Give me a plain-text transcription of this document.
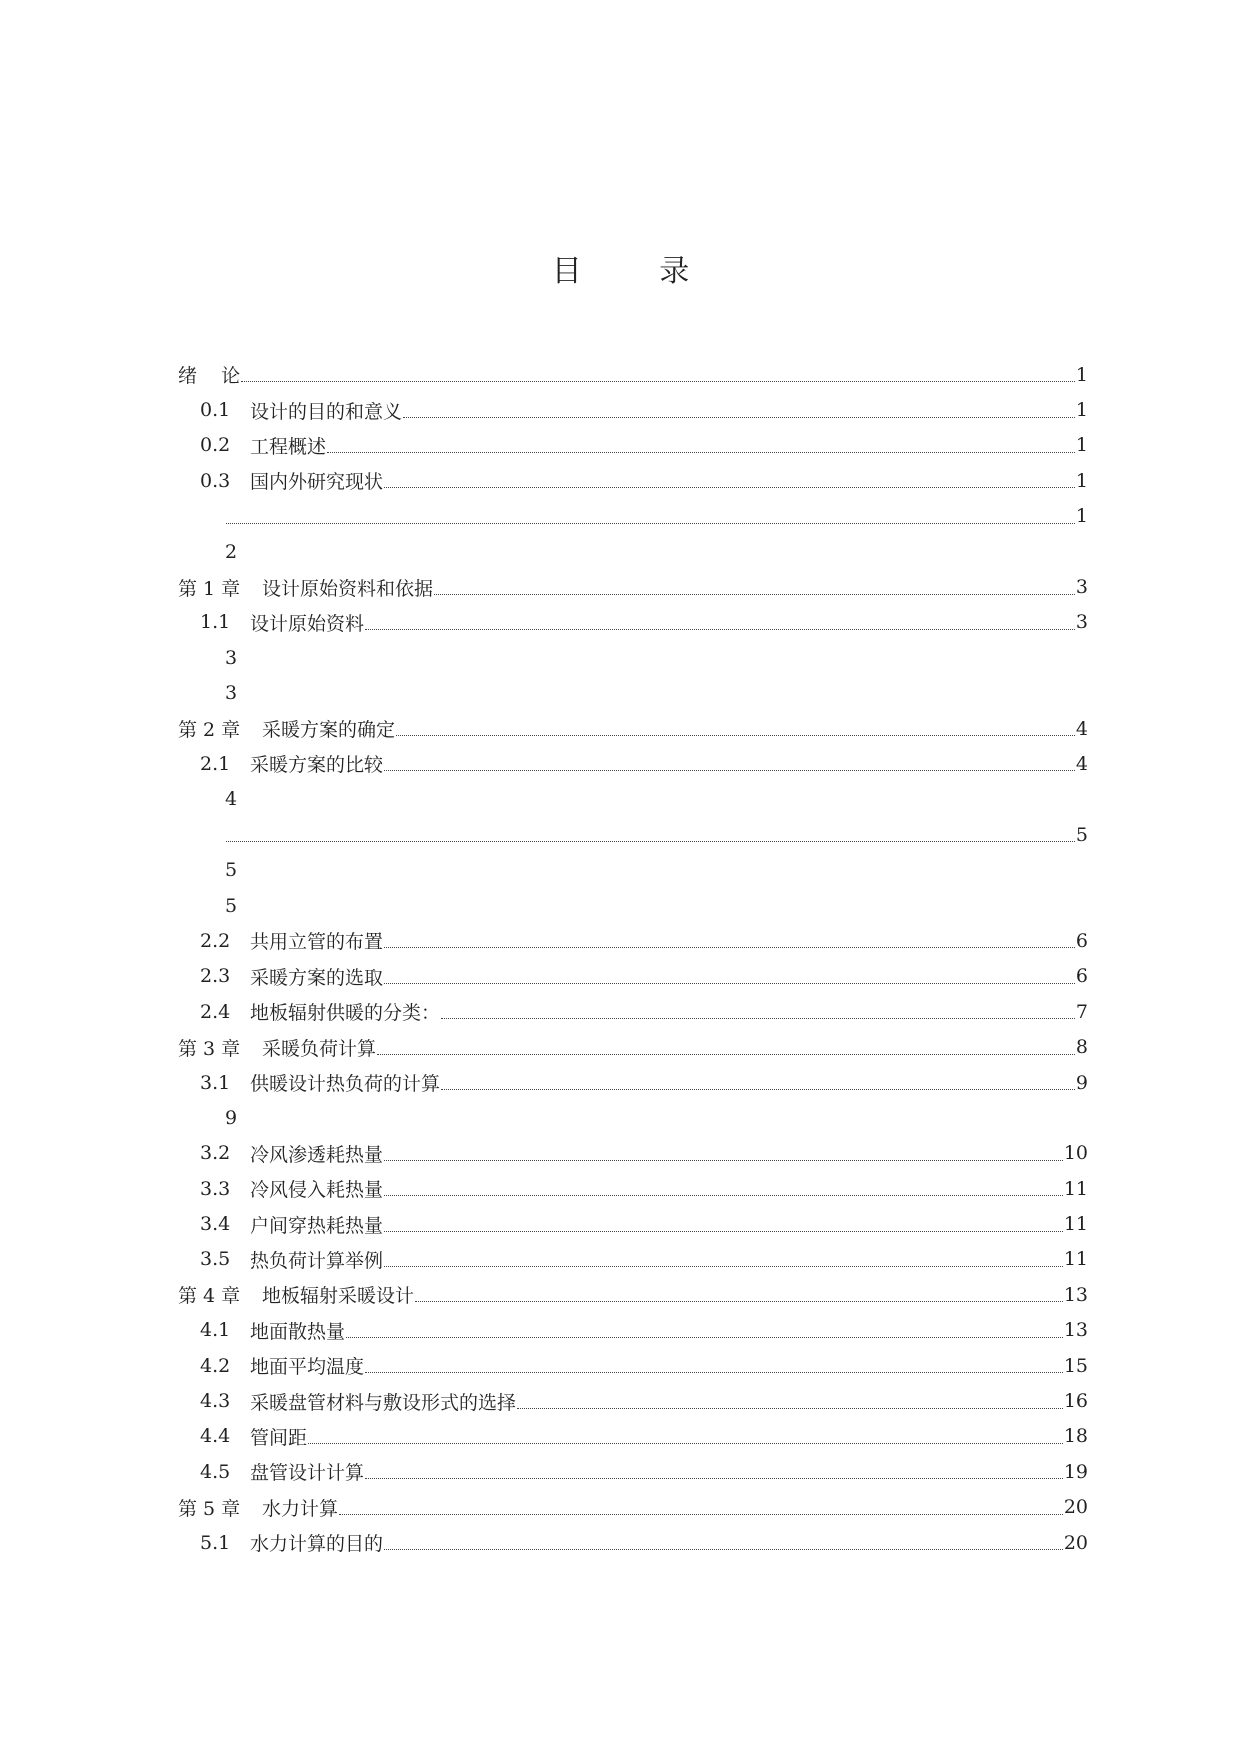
目 录
绪    论	1
0.1	设计的目的和意义	1
0.2	工程概述	1
0.3	国内外研究现状	1
1
2
第 1 章	设计原始资料和依据	3
1.1	设计原始资料	3
3
3
第 2 章	采暖方案的确定	4
2.1	采暖方案的比较	4
4
5
5
5
2.2	共用立管的布置	6
2.3	采暖方案的选取	6
2.4	地板辐射供暖的分类：	7
第 3 章	采暖负荷计算	8
3.1	供暖设计热负荷的计算	9
9
3.2	冷风渗透耗热量	10
3.3	冷风侵入耗热量	11
3.4	户间穿热耗热量	11
3.5	热负荷计算举例	11
第 4 章	地板辐射采暖设计	13
4.1	地面散热量	13
4.2	地面平均温度	15
4.3	采暖盘管材料与敷设形式的选择	16
4.4	管间距	18
4.5	盘管设计计算	19
第 5 章	水力计算	20
5.1	水力计算的目的	20
